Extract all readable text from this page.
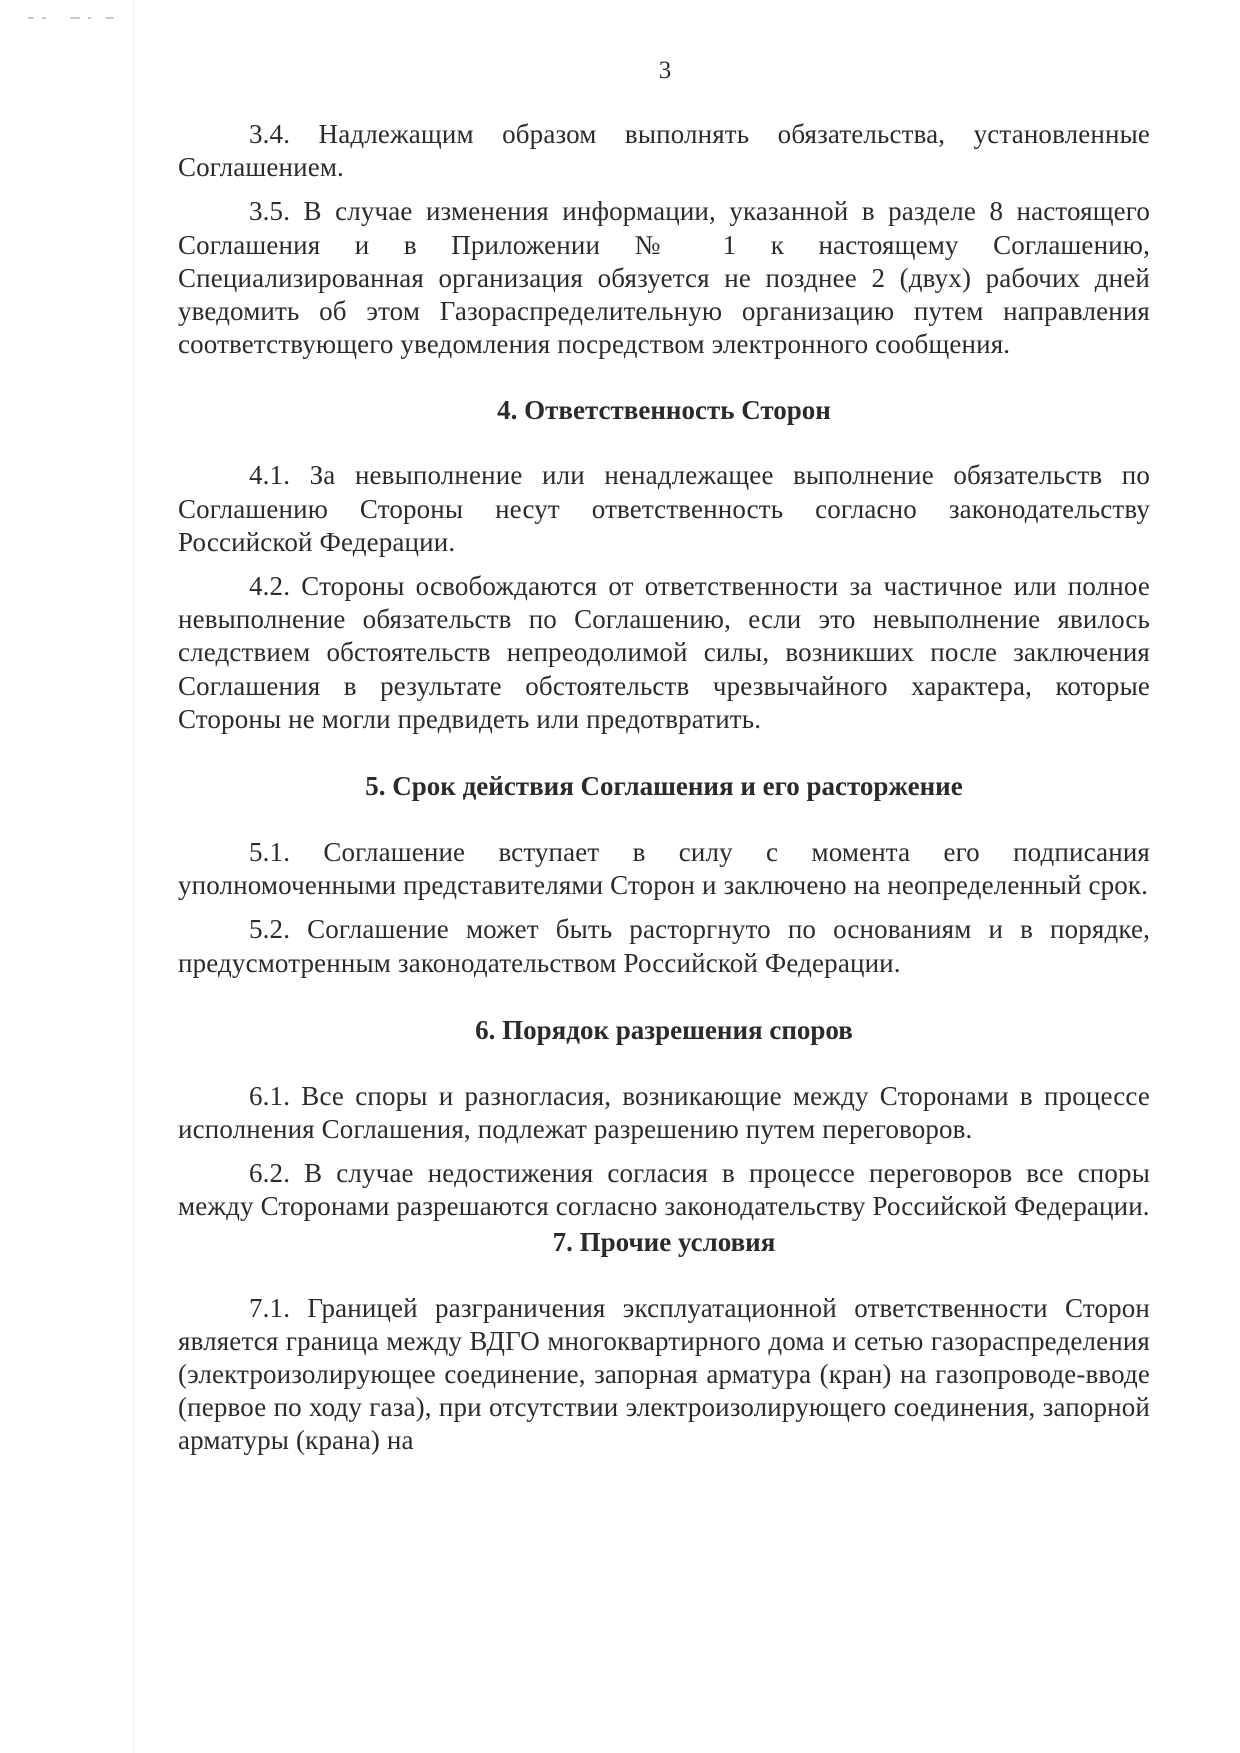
3

3.4. Надлежащим образом выполнять обязательства, установленные Соглашением.

3.5. В случае изменения информации, указанной в разделе 8 настоящего Соглашения и в Приложении № 1 к настоящему Соглашению, Специализированная организация обязуется не позднее 2 (двух) рабочих дней уведомить об этом Газораспределительную организацию путем направления соответствующего уведомления посредством электронного сообщения.

4. Ответственность Сторон

4.1. За невыполнение или ненадлежащее выполнение обязательств по Соглашению Стороны несут ответственность согласно законодательству Российской Федерации.

4.2. Стороны освобождаются от ответственности за частичное или полное невыполнение обязательств по Соглашению, если это невыполнение явилось следствием обстоятельств непреодолимой силы, возникших после заключения Соглашения в результате обстоятельств чрезвычайного характера, которые Стороны не могли предвидеть или предотвратить.

5. Срок действия Соглашения и его расторжение

5.1. Соглашение вступает в силу с момента его подписания уполномоченными представителями Сторон и заключено на неопределенный срок.

5.2. Соглашение может быть расторгнуто по основаниям и в порядке, предусмотренным законодательством Российской Федерации.

6. Порядок разрешения споров

6.1. Все споры и разногласия, возникающие между Сторонами в процессе исполнения Соглашения, подлежат разрешению путем переговоров.

6.2. В случае недостижения согласия в процессе переговоров все споры между Сторонами разрешаются согласно законодательству Российской Федерации.

7. Прочие условия

7.1. Границей разграничения эксплуатационной ответственности Сторон является граница между ВДГО многоквартирного дома и сетью газораспределения (электроизолирующее соединение, запорная арматура (кран) на газопроводе-вводе (первое по ходу газа), при отсутствии электроизолирующего соединения, запорной арматуры (крана) на
